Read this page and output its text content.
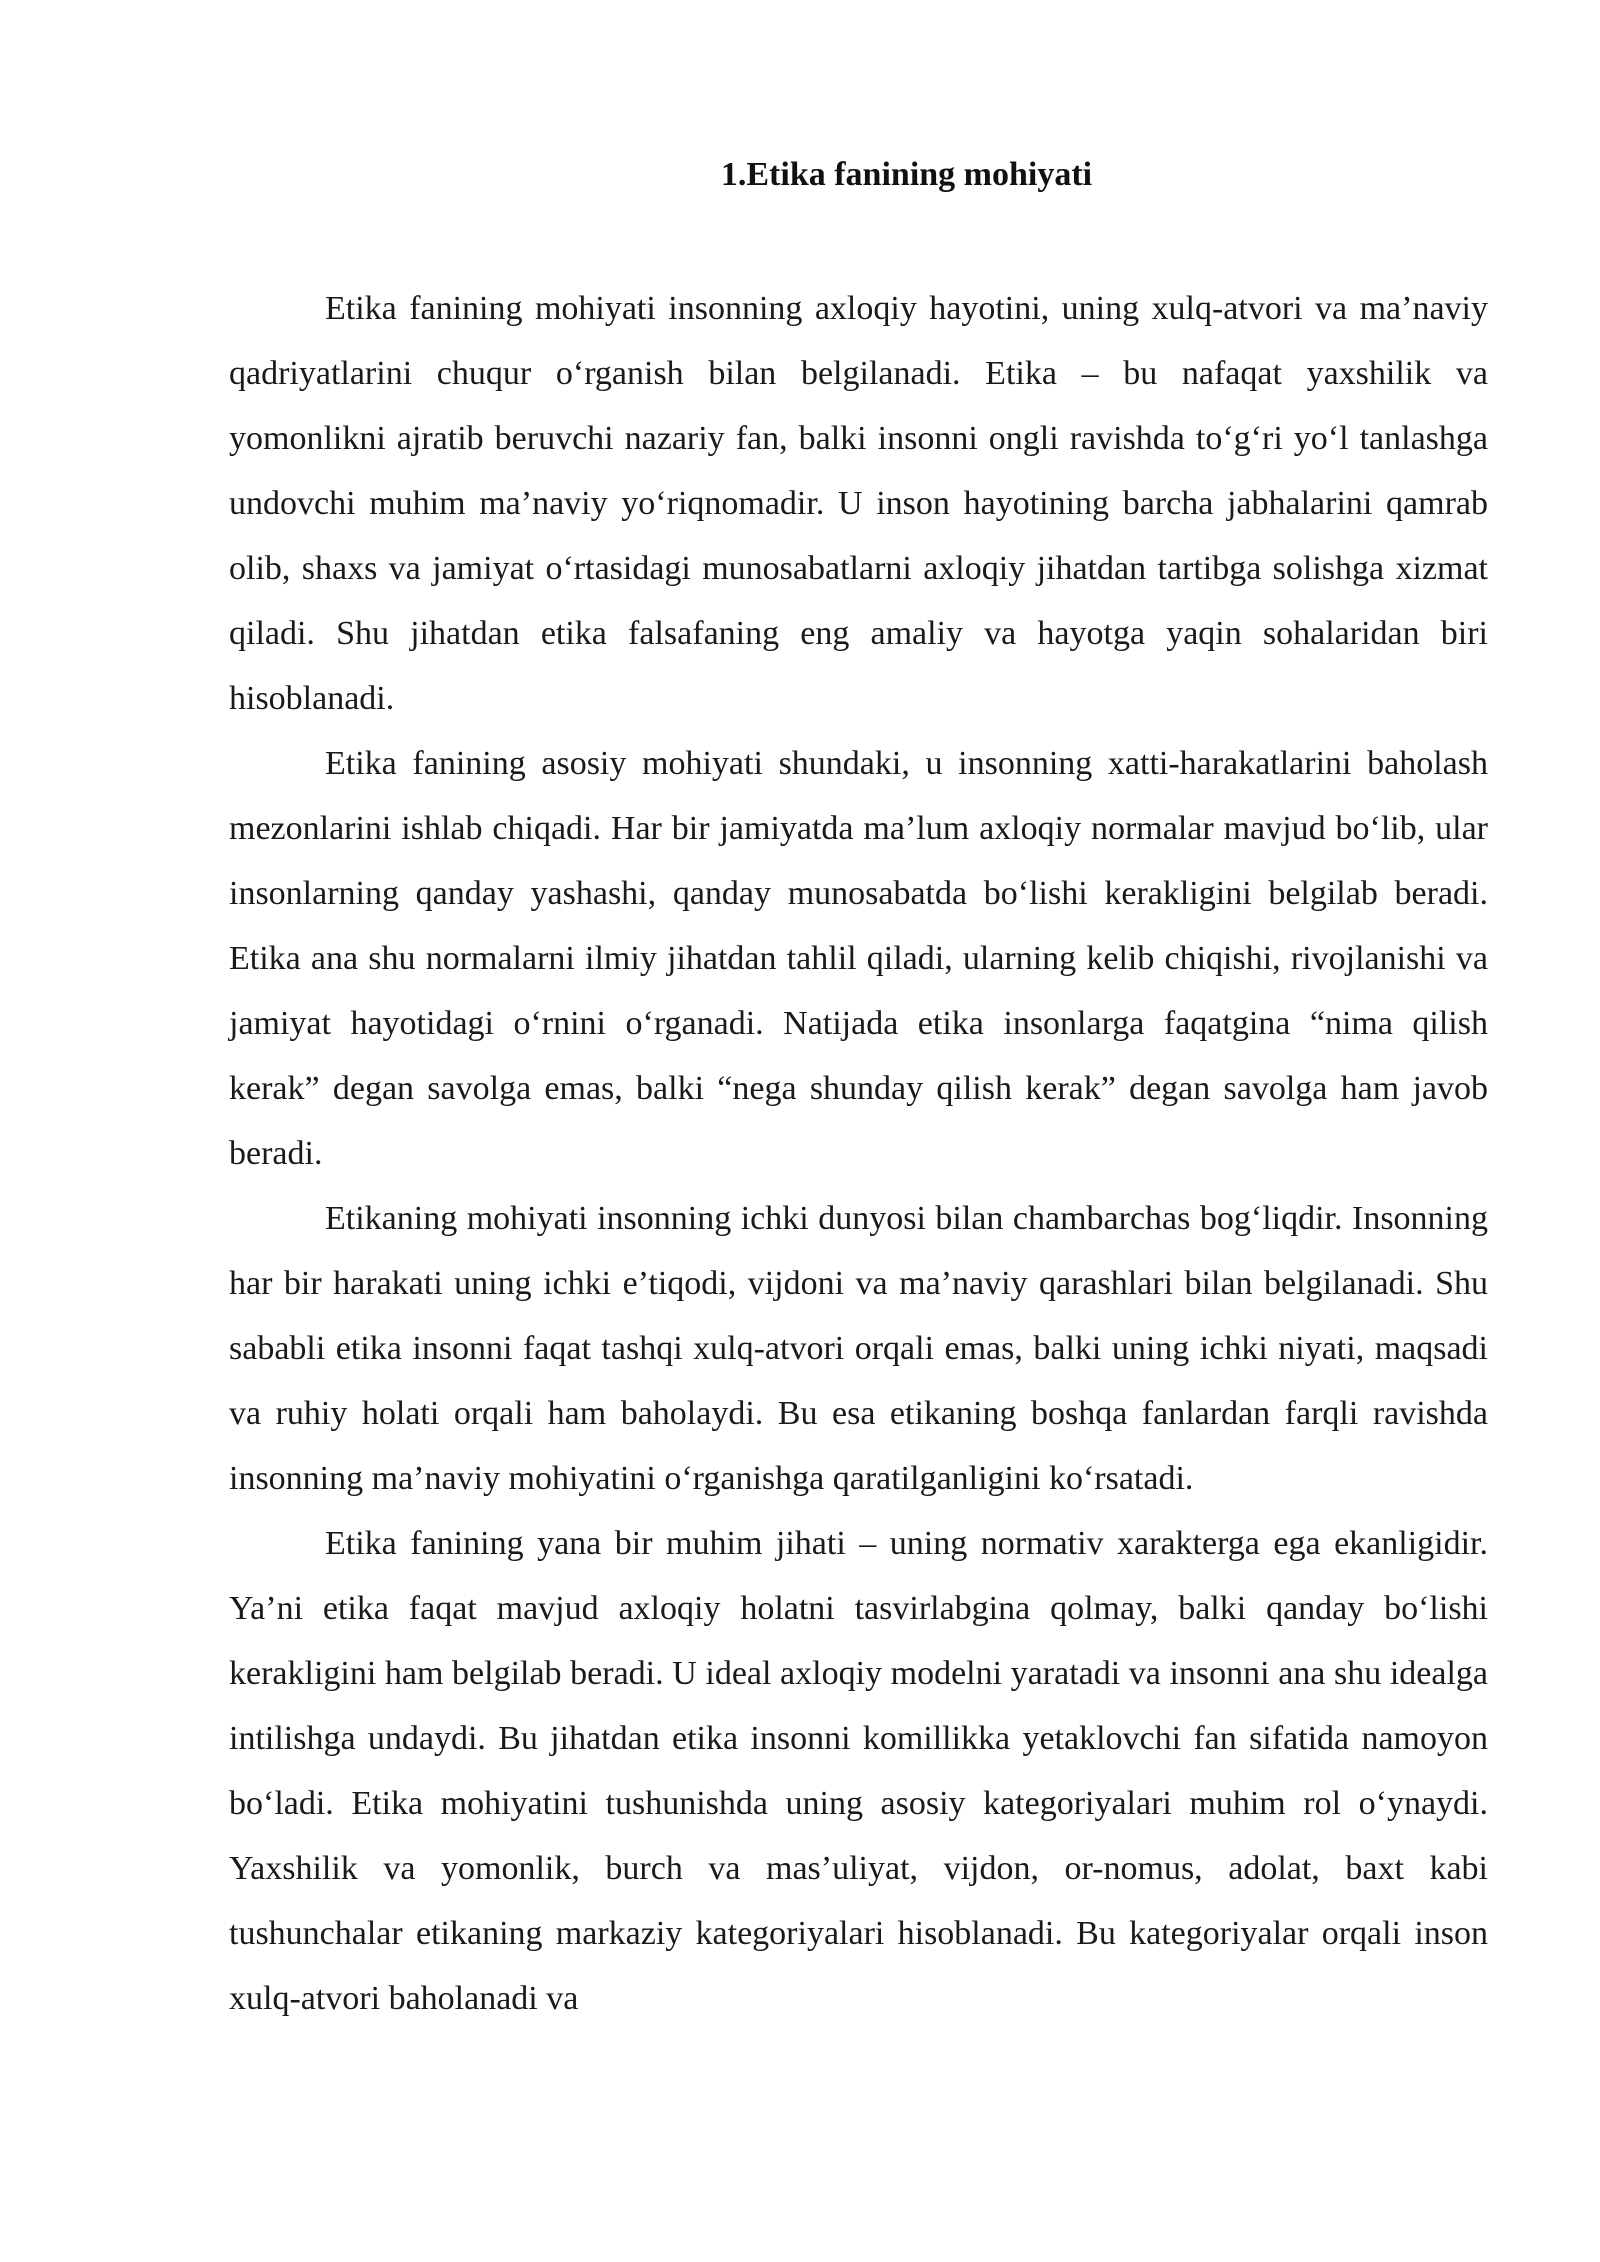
1.Etika fanining mohiyati

Etika fanining mohiyati insonning axloqiy hayotini, uning xulq-atvori va ma’naviy qadriyatlarini chuqur o‘rganish bilan belgilanadi. Etika – bu nafaqat yaxshilik va yomonlikni ajratib beruvchi nazariy fan, balki insonni ongli ravishda to‘g‘ri yo‘l tanlashga undovchi muhim ma’naviy yo‘riqnomadir. U inson hayotining barcha jabhalarini qamrab olib, shaxs va jamiyat o‘rtasidagi munosabatlarni axloqiy jihatdan tartibga solishga xizmat qiladi. Shu jihatdan etika falsafaning eng amaliy va hayotga yaqin sohalaridan biri hisoblanadi.

Etika fanining asosiy mohiyati shundaki, u insonning xatti-harakatlarini baholash mezonlarini ishlab chiqadi. Har bir jamiyatda ma’lum axloqiy normalar mavjud bo‘lib, ular insonlarning qanday yashashi, qanday munosabatda bo‘lishi kerakligini belgilab beradi. Etika ana shu normalarni ilmiy jihatdan tahlil qiladi, ularning kelib chiqishi, rivojlanishi va jamiyat hayotidagi o‘rnini o‘rganadi. Natijada etika insonlarga faqatgina “nima qilish kerak” degan savolga emas, balki “nega shunday qilish kerak” degan savolga ham javob beradi.

Etikaning mohiyati insonning ichki dunyosi bilan chambarchas bog‘liqdir. Insonning har bir harakati uning ichki e’tiqodi, vijdoni va ma’naviy qarashlari bilan belgilanadi. Shu sababli etika insonni faqat tashqi xulq-atvori orqali emas, balki uning ichki niyati, maqsadi va ruhiy holati orqali ham baholaydi. Bu esa etikaning boshqa fanlardan farqli ravishda insonning ma’naviy mohiyatini o‘rganishga qaratilganligini ko‘rsatadi.

Etika fanining yana bir muhim jihati – uning normativ xarakterga ega ekanligidir. Ya’ni etika faqat mavjud axloqiy holatni tasvirlabgina qolmay, balki qanday bo‘lishi kerakligini ham belgilab beradi. U ideal axloqiy modelni yaratadi va insonni ana shu idealga intilishga undaydi. Bu jihatdan etika insonni komillikka yetaklovchi fan sifatida namoyon bo‘ladi. Etika mohiyatini tushunishda uning asosiy kategoriyalari muhim rol o‘ynaydi. Yaxshilik va yomonlik, burch va mas’uliyat, vijdon, or-nomus, adolat, baxt kabi tushunchalar etikaning markaziy kategoriyalari hisoblanadi. Bu kategoriyalar orqali inson xulq-atvori baholanadi va
